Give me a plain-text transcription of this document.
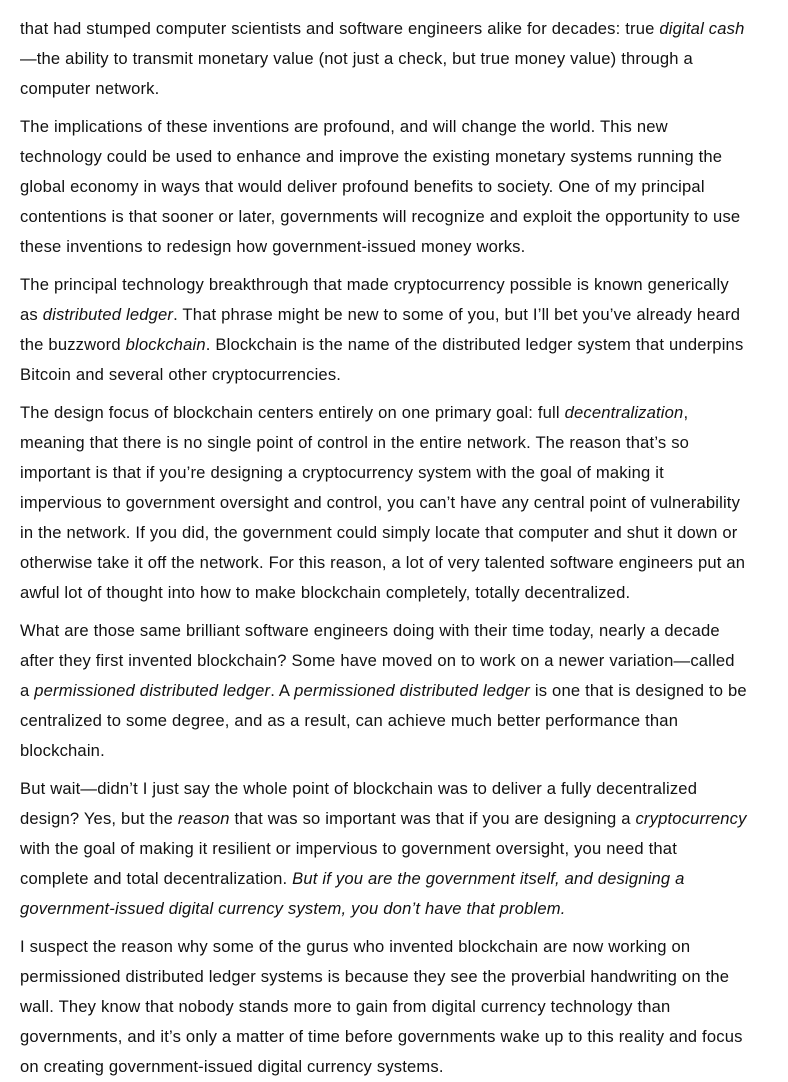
that had stumped computer scientists and software engineers alike for decades: true digital cash—the ability to transmit monetary value (not just a check, but true money value) through a computer network.

The implications of these inventions are profound, and will change the world. This new technology could be used to enhance and improve the existing monetary systems running the global economy in ways that would deliver profound benefits to society. One of my principal contentions is that sooner or later, governments will recognize and exploit the opportunity to use these inventions to redesign how government-issued money works.

The principal technology breakthrough that made cryptocurrency possible is known generically as distributed ledger. That phrase might be new to some of you, but I’ll bet you’ve already heard the buzzword blockchain. Blockchain is the name of the distributed ledger system that underpins Bitcoin and several other cryptocurrencies.

The design focus of blockchain centers entirely on one primary goal: full decentralization, meaning that there is no single point of control in the entire network. The reason that’s so important is that if you’re designing a cryptocurrency system with the goal of making it impervious to government oversight and control, you can’t have any central point of vulnerability in the network. If you did, the government could simply locate that computer and shut it down or otherwise take it off the network. For this reason, a lot of very talented software engineers put an awful lot of thought into how to make blockchain completely, totally decentralized.

What are those same brilliant software engineers doing with their time today, nearly a decade after they first invented blockchain? Some have moved on to work on a newer variation—called a permissioned distributed ledger. A permissioned distributed ledger is one that is designed to be centralized to some degree, and as a result, can achieve much better performance than blockchain.

But wait—didn’t I just say the whole point of blockchain was to deliver a fully decentralized design? Yes, but the reason that was so important was that if you are designing a cryptocurrency with the goal of making it resilient or impervious to government oversight, you need that complete and total decentralization. But if you are the government itself, and designing a government-issued digital currency system, you don’t have that problem.

I suspect the reason why some of the gurus who invented blockchain are now working on permissioned distributed ledger systems is because they see the proverbial handwriting on the wall. They know that nobody stands more to gain from digital currency technology than governments, and it’s only a matter of time before governments wake up to this reality and focus on creating government-issued digital currency systems.
